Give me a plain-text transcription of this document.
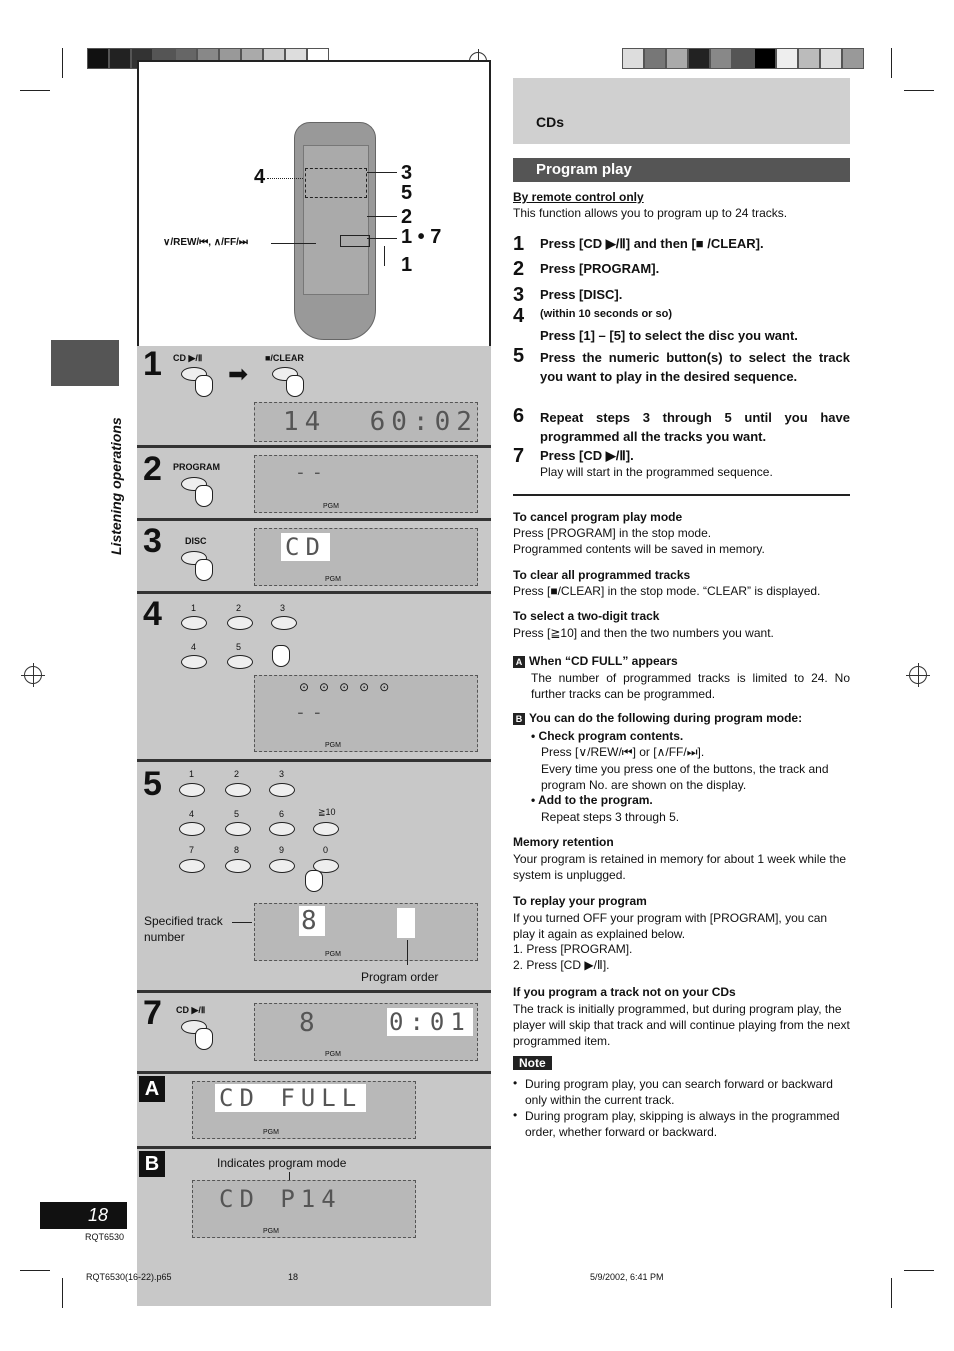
CDs
Program play
Listening operations
4	3
5
2
1 • 7
1
∨/REW/⏮, ∧/FF/⏭
1 CD ▶/Ⅱ
➡
■/CLEAR
14  60:02
2 PROGRAM	--
PGM
3	DISC	CD
PGM
4	1	2	3
4	5
⊙⊙⊙⊙⊙
--
PGM
5	1	2	3
4	5	6	≧10
7	8	9	0
Specified track number
8
PGM
Program order
7 CD ▶/Ⅱ	8	0:01
PGM
A CD FULL
PGM
B	Indicates program mode
CD P14
PGM
By remote control only
This function allows you to program up to 24 tracks.
1 Press [CD ▶/Ⅱ] and then [■ /CLEAR].
2 Press [PROGRAM].
3 Press [DISC].
4 (within 10 seconds or so)
Press [1] – [5] to select the disc you want.
5 Press the numeric button(s) to select the track you want to play in the desired sequence.
6 Repeat steps 3 through 5 until you have programmed all the tracks you want.
7 Press [CD ▶/Ⅱ].
Play will start in the programmed sequence.
To cancel program play mode
Press [PROGRAM] in the stop mode.
Programmed contents will be saved in memory.
To clear all programmed tracks
Press [■/CLEAR] in the stop mode. “CLEAR” is displayed.
To select a two-digit track
Press [≧10] and then the two numbers you want.
A When “CD FULL” appears
The number of programmed tracks is limited to 24. No further tracks can be programmed.
B You can do the following during program mode:
• Check program contents.
Press [∨/REW/⏮] or [∧/FF/⏭].
Every time you press one of the buttons, the track and program No. are shown on the display.
• Add to the program.
Repeat steps 3 through 5.
Memory retention
Your program is retained in memory for about 1 week while the system is unplugged.
To replay your program
If you turned OFF your program with [PROGRAM], you can play it again as explained below.
1. Press [PROGRAM].
2. Press [CD ▶/Ⅱ].
If you program a track not on your CDs
The track is initially programmed, but during program play, the player will skip that track and will continue playing from the next programmed item.
Note
• During program play, you can search forward or backward only within the current track.
• During program play, skipping is always in the programmed order, whether forward or backward.
18
RQT6530
RQT6530(16-22).p65	18	5/9/2002, 6:41 PM
